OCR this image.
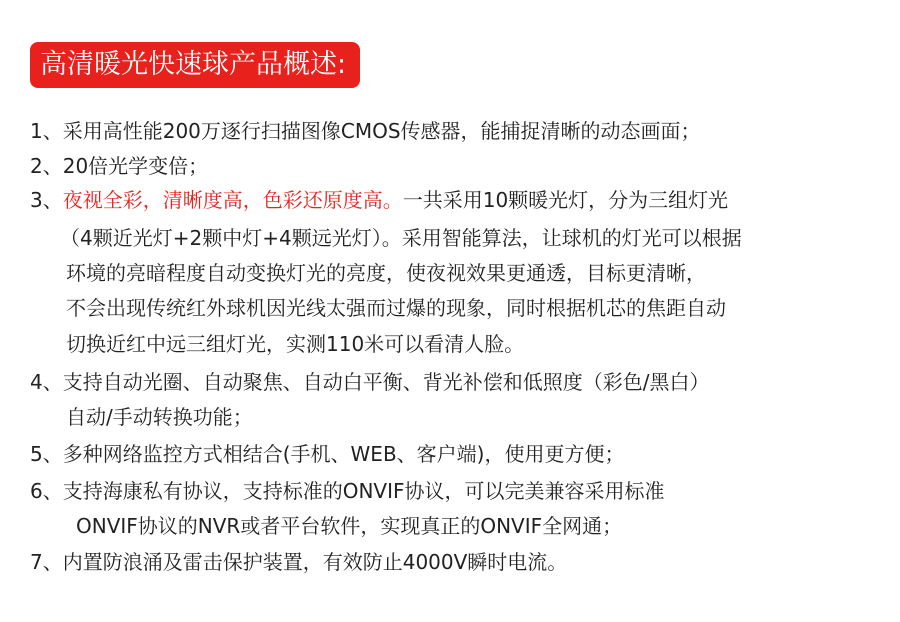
高清暖光快速球产品概述:
1、采用高性能200万逐行扫描图像CMOS传感器，能捕捉清晰的动态画面；
2、20倍光学变倍；
3、夜视全彩，清晰度高，色彩还原度高。一共采用10颗暖光灯，分为三组灯光
（4颗近光灯+2颗中灯+4颗远光灯）。采用智能算法，让球机的灯光可以根据
环境的亮暗程度自动变换灯光的亮度，使夜视效果更通透，目标更清晰，
不会出现传统红外球机因光线太强而过爆的现象，同时根据机芯的焦距自动
切换近红中远三组灯光，实测110米可以看清人脸。
4、支持自动光圈、自动聚焦、自动白平衡、背光补偿和低照度（彩色/黑白）
自动/手动转换功能；
5、多种网络监控方式相结合(手机、WEB、客户端)，使用更方便；
6、支持海康私有协议，支持标准的ONVIF协议，可以完美兼容采用标准
ONVIF协议的NVR或者平台软件，实现真正的ONVIF全网通；
7、内置防浪涌及雷击保护装置，有效防止4000V瞬时电流。
